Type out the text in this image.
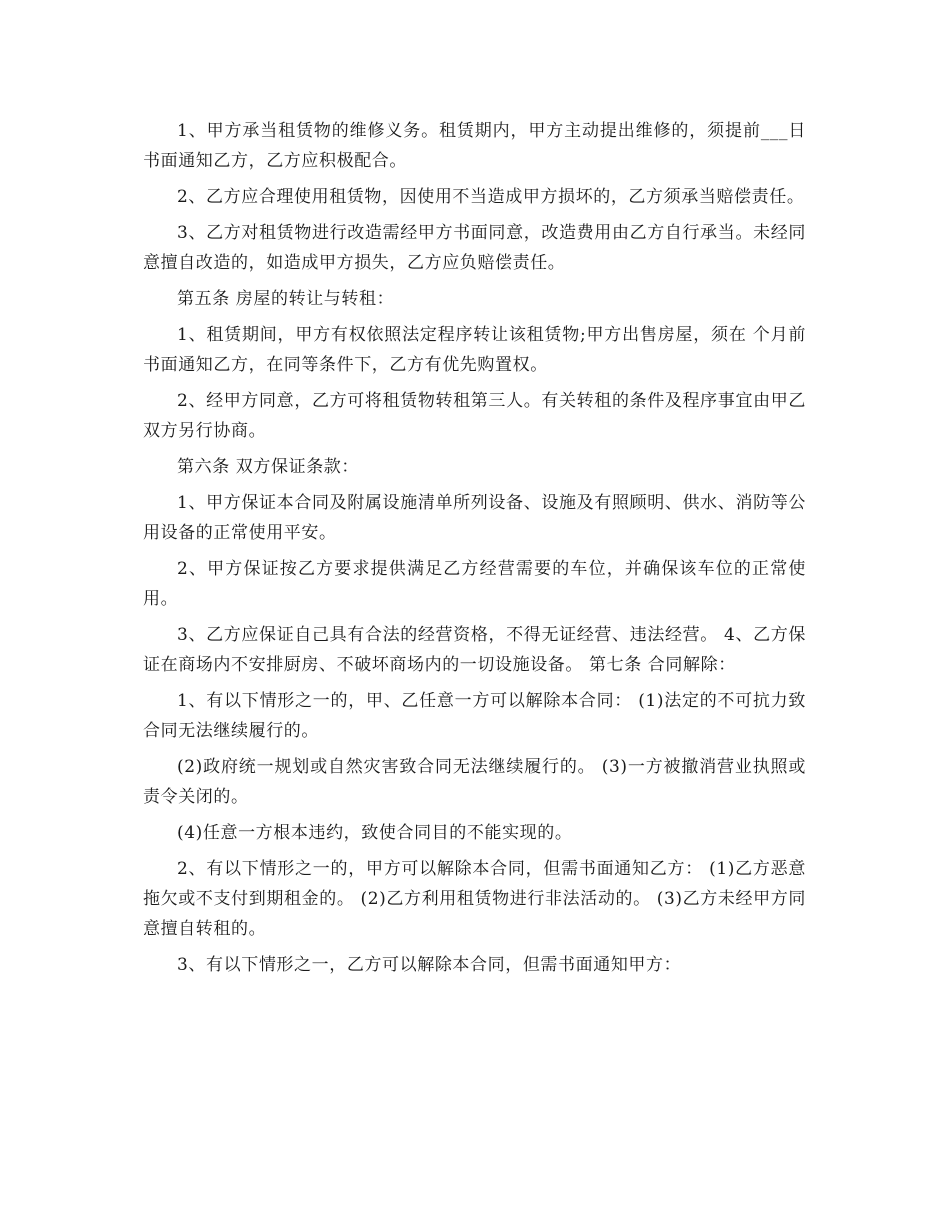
1、甲方承当租赁物的维修义务。租赁期内，甲方主动提出维修的，须提前___日书面通知乙方，乙方应积极配合。

2、乙方应合理使用租赁物，因使用不当造成甲方损坏的，乙方须承当赔偿责任。

3、乙方对租赁物进行改造需经甲方书面同意，改造费用由乙方自行承当。未经同意擅自改造的，如造成甲方损失，乙方应负赔偿责任。

第五条 房屋的转让与转租：

1、租赁期间，甲方有权依照法定程序转让该租赁物;甲方出售房屋，须在 个月前书面通知乙方，在同等条件下，乙方有优先购置权。

2、经甲方同意，乙方可将租赁物转租第三人。有关转租的条件及程序事宜由甲乙双方另行协商。

第六条 双方保证条款：

1、甲方保证本合同及附属设施清单所列设备、设施及有照顾明、供水、消防等公用设备的正常使用平安。

2、甲方保证按乙方要求提供满足乙方经营需要的车位，并确保该车位的正常使用。

3、乙方应保证自己具有合法的经营资格，不得无证经营、违法经营。 4、乙方保证在商场内不安排厨房、不破坏商场内的一切设施设备。 第七条 合同解除：

1、有以下情形之一的，甲、乙任意一方可以解除本合同： (1)法定的不可抗力致合同无法继续履行的。

(2)政府统一规划或自然灾害致合同无法继续履行的。 (3)一方被撤消营业执照或责令关闭的。

(4)任意一方根本违约，致使合同目的不能实现的。

2、有以下情形之一的，甲方可以解除本合同，但需书面通知乙方： (1)乙方恶意拖欠或不支付到期租金的。 (2)乙方利用租赁物进行非法活动的。 (3)乙方未经甲方同意擅自转租的。

3、有以下情形之一，乙方可以解除本合同，但需书面通知甲方：
